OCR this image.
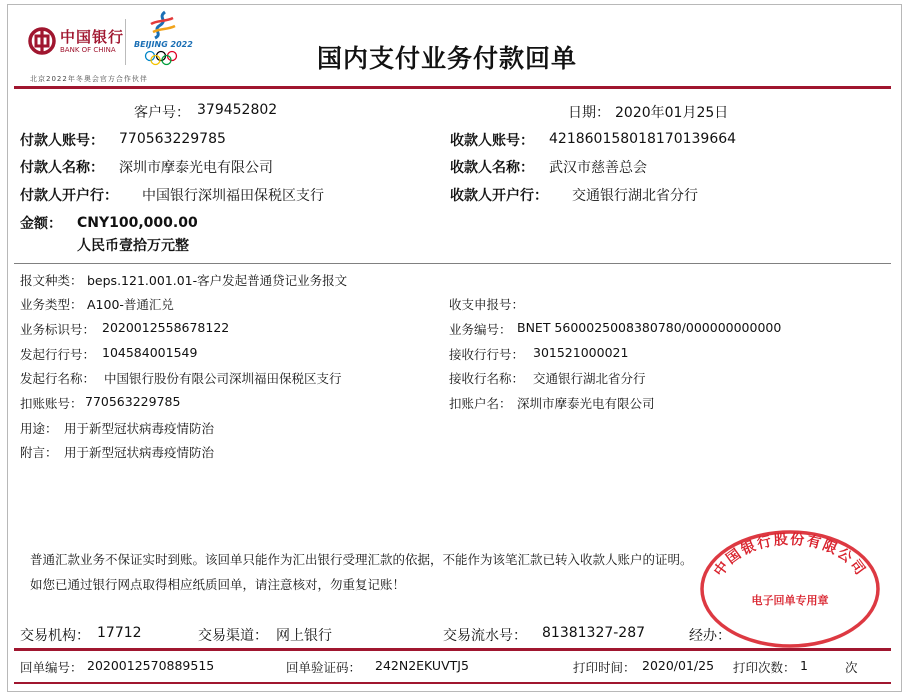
中国银行
BANK OF CHINA
BEIJING 2022
北京2022年冬奥会官方合作伙伴
国内支付业务付款回单
客户号： 379452802	日期： 2020年01月25日
付款人账号： 770563229785	收款人账号： 421860158018170139664
付款人名称： 深圳市摩泰光电有限公司	收款人名称： 武汉市慈善总会
付款人开户行： 中国银行深圳福田保税区支行	收款人开户行： 交通银行湖北省分行
金额： CNY100,000.00
人民币壹拾万元整
报文种类： beps.121.001.01-客户发起普通贷记业务报文
业务类型： A100-普通汇兑	收支申报号：
业务标识号： 2020012558678122	业务编号： BNET 5600025008380780/000000000000
发起行行号： 104584001549	接收行行号： 301521000021
发起行名称： 中国银行股份有限公司深圳福田保税区支行	接收行名称： 交通银行湖北省分行
扣账账号： 770563229785	扣账户名： 深圳市摩泰光电有限公司
用途： 用于新型冠状病毒疫情防治
附言： 用于新型冠状病毒疫情防治
普通汇款业务不保证实时到账。该回单只能作为汇出银行受理汇款的依据，不能作为该笔汇款已转入收款人账户的证明。
如您已通过银行网点取得相应纸质回单，请注意核对，勿重复记账！
交易机构： 17712	交易渠道： 网上银行	交易流水号： 81381327-287	经办：
回单编号： 2020012570889515	回单验证码： 242N2EKUVTJ5	打印时间： 2020/01/25 打印次数： 1	次
中国银行股份有限公司
电子回单专用章
